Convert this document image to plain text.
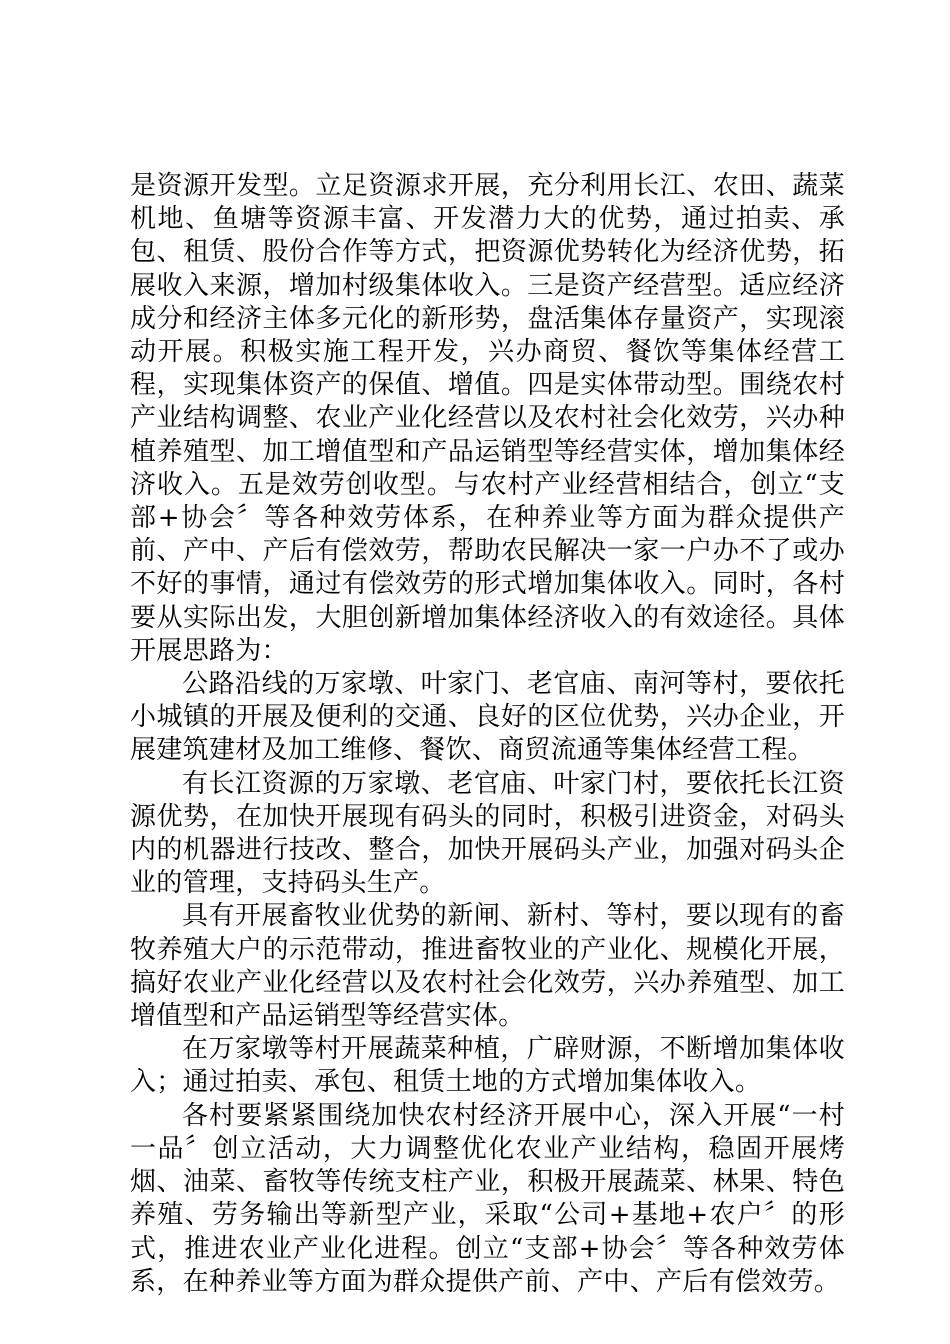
是资源开发型。立足资源求开展，充分利用长江、农田、蔬菜机地、鱼塘等资源丰富、开发潜力大的优势，通过拍卖、承包、租赁、股份合作等方式，把资源优势转化为经济优势，拓展收入来源，增加村级集体收入。三是资产经营型。适应经济成分和经济主体多元化的新形势，盘活集体存量资产，实现滚动开展。积极实施工程开发，兴办商贸、餐饮等集体经营工程，实现集体资产的保值、增值。四是实体带动型。围绕农村产业结构调整、农业产业化经营以及农村社会化效劳，兴办种植养殖型、加工增值型和产品运销型等经营实体，增加集体经济收入。五是效劳创收型。与农村产业经营相结合，创立“支部+协会〞等各种效劳体系，在种养业等方面为群众提供产前、产中、产后有偿效劳，帮助农民解决一家一户办不了或办不好的事情，通过有偿效劳的形式增加集体收入。同时，各村要从实际出发，大胆创新增加集体经济收入的有效途径。具体开展思路为：

公路沿线的万家墩、叶家门、老官庙、南河等村，要依托小城镇的开展及便利的交通、良好的区位优势，兴办企业，开展建筑建材及加工维修、餐饮、商贸流通等集体经营工程。

有长江资源的万家墩、老官庙、叶家门村，要依托长江资源优势，在加快开展现有码头的同时，积极引进资金，对码头内的机器进行技改、整合，加快开展码头产业，加强对码头企业的管理，支持码头生产。

具有开展畜牧业优势的新闸、新村、等村，要以现有的畜牧养殖大户的示范带动，推进畜牧业的产业化、规模化开展，搞好农业产业化经营以及农村社会化效劳，兴办养殖型、加工增值型和产品运销型等经营实体。

在万家墩等村开展蔬菜种植，广辟财源，不断增加集体收入；通过拍卖、承包、租赁土地的方式增加集体收入。

各村要紧紧围绕加快农村经济开展中心，深入开展“一村一品〞创立活动，大力调整优化农业产业结构，稳固开展烤烟、油菜、畜牧等传统支柱产业，积极开展蔬菜、林果、特色养殖、劳务输出等新型产业，采取“公司+基地+农户〞的形式，推进农业产业化进程。创立“支部+协会〞等各种效劳体系，在种养业等方面为群众提供产前、产中、产后有偿效劳。
